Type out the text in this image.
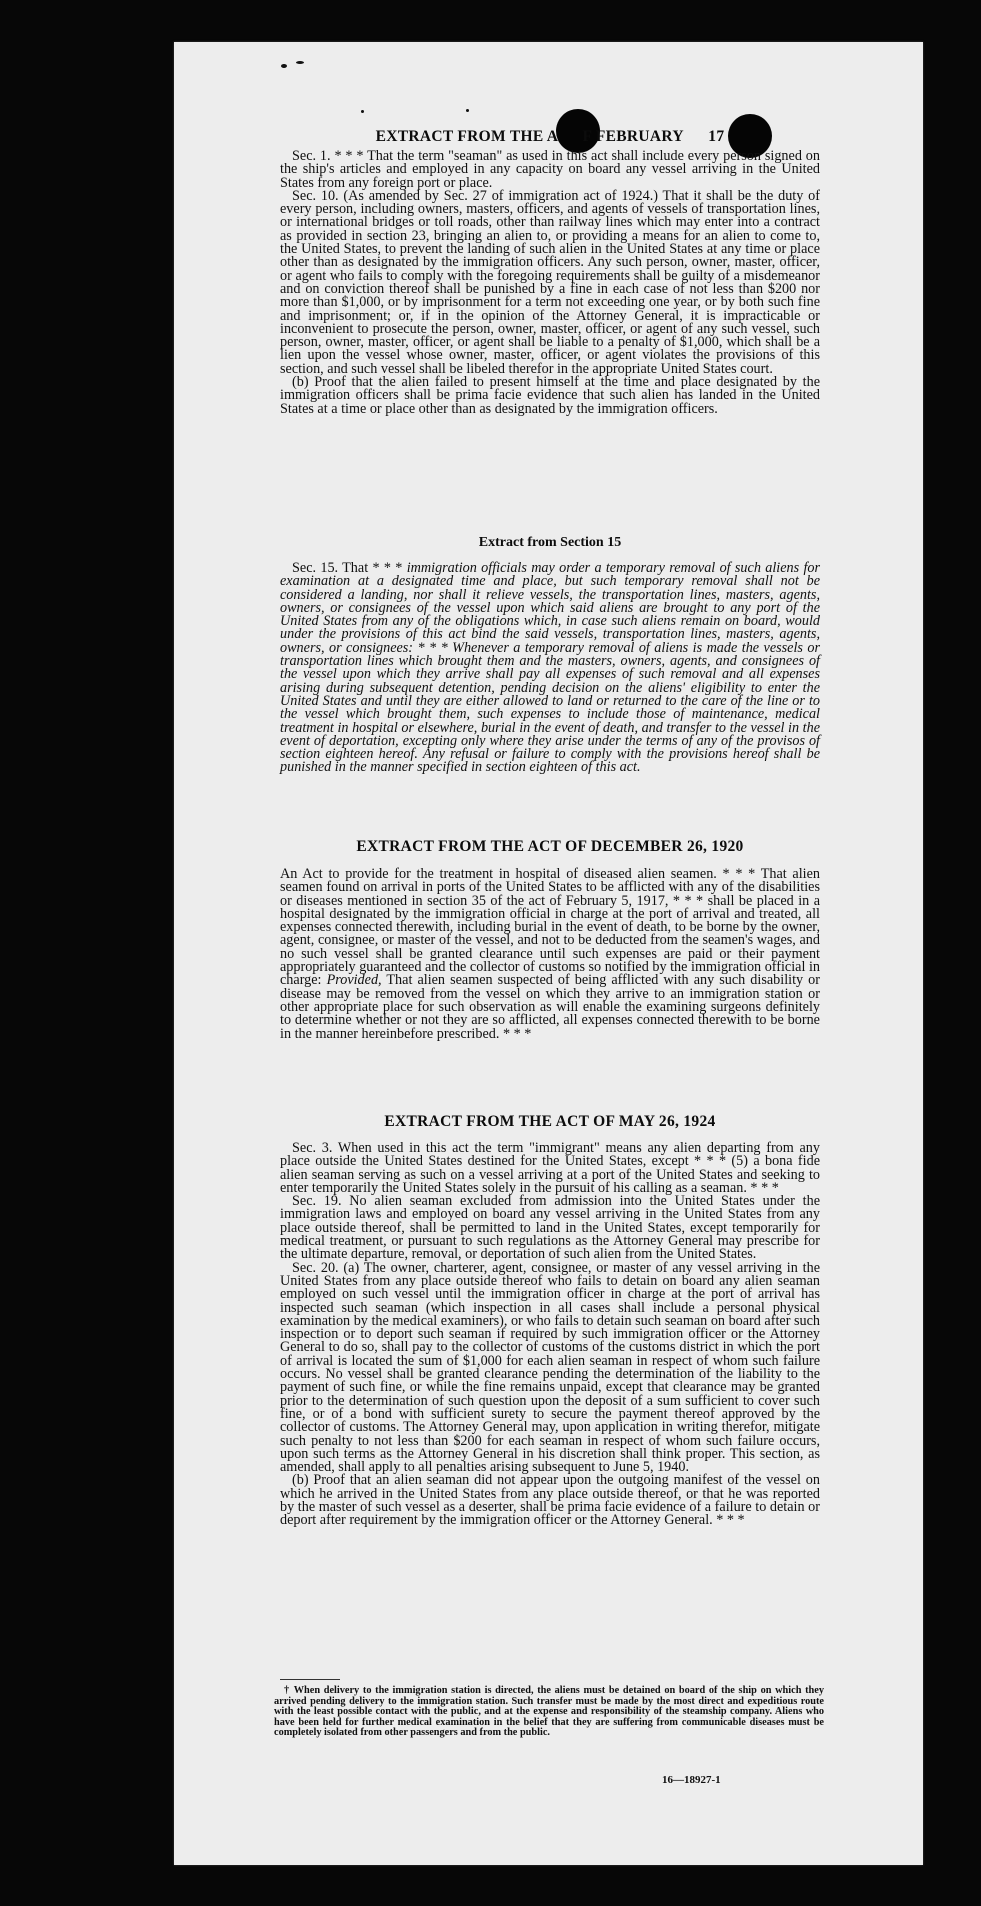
EXTRACT FROM THE A      F FEBRUARY      17

Sec. 1. * * * That the term "seaman" as used in this act shall include every person signed on the ship's articles and employed in any capacity on board any vessel arriving in the United States from any foreign port or place.

Sec. 10. (As amended by Sec. 27 of immigration act of 1924.) That it shall be the duty of every person, including owners, masters, officers, and agents of vessels of transportation lines, or international bridges or toll roads, other than railway lines which may enter into a contract as provided in section 23, bringing an alien to, or providing a means for an alien to come to, the United States, to prevent the landing of such alien in the United States at any time or place other than as designated by the immigration officers. Any such person, owner, master, officer, or agent who fails to comply with the foregoing requirements shall be guilty of a misdemeanor and on conviction thereof shall be punished by a fine in each case of not less than $200 nor more than $1,000, or by imprisonment for a term not exceeding one year, or by both such fine and imprisonment; or, if in the opinion of the Attorney General, it is impracticable or inconvenient to prosecute the person, owner, master, officer, or agent of any such vessel, such person, owner, master, officer, or agent shall be liable to a penalty of $1,000, which shall be a lien upon the vessel whose owner, master, officer, or agent violates the provisions of this section, and such vessel shall be libeled therefor in the appropriate United States court.

(b) Proof that the alien failed to present himself at the time and place designated by the immigration officers shall be prima facie evidence that such alien has landed in the United States at a time or place other than as designated by the immigration officers.

Extract from Section 15

Sec. 15. That * * * immigration officials may order a temporary removal of such aliens for examination at a designated time and place, but such temporary removal shall not be considered a landing, nor shall it relieve vessels, the transportation lines, masters, agents, owners, or consignees of the vessel upon which said aliens are brought to any port of the United States from any of the obligations which, in case such aliens remain on board, would under the provisions of this act bind the said vessels, transportation lines, masters, agents, owners, or consignees: * * * Whenever a temporary removal of aliens is made the vessels or transportation lines which brought them and the masters, owners, agents, and consignees of the vessel upon which they arrive shall pay all expenses of such removal and all expenses arising during subsequent detention, pending decision on the aliens' eligibility to enter the United States and until they are either allowed to land or returned to the care of the line or to the vessel which brought them, such expenses to include those of maintenance, medical treatment in hospital or elsewhere, burial in the event of death, and transfer to the vessel in the event of deportation, excepting only where they arise under the terms of any of the provisos of section eighteen hereof. Any refusal or failure to comply with the provisions hereof shall be punished in the manner specified in section eighteen of this act.

EXTRACT FROM THE ACT OF DECEMBER 26, 1920

An Act to provide for the treatment in hospital of diseased alien seamen. * * * That alien seamen found on arrival in ports of the United States to be afflicted with any of the disabilities or diseases mentioned in section 35 of the act of February 5, 1917, * * * shall be placed in a hospital designated by the immigration official in charge at the port of arrival and treated, all expenses connected therewith, including burial in the event of death, to be borne by the owner, agent, consignee, or master of the vessel, and not to be deducted from the seamen's wages, and no such vessel shall be granted clearance until such expenses are paid or their payment appropriately guaranteed and the collector of customs so notified by the immigration official in charge: Provided, That alien seamen suspected of being afflicted with any such disability or disease may be removed from the vessel on which they arrive to an immigration station or other appropriate place for such observation as will enable the examining surgeons definitely to determine whether or not they are so afflicted, all expenses connected therewith to be borne in the manner hereinbefore prescribed. * * *

EXTRACT FROM THE ACT OF MAY 26, 1924

Sec. 3. When used in this act the term "immigrant" means any alien departing from any place outside the United States destined for the United States, except * * * (5) a bona fide alien seaman serving as such on a vessel arriving at a port of the United States and seeking to enter temporarily the United States solely in the pursuit of his calling as a seaman. * * *

Sec. 19. No alien seaman excluded from admission into the United States under the immigration laws and employed on board any vessel arriving in the United States from any place outside thereof, shall be permitted to land in the United States, except temporarily for medical treatment, or pursuant to such regulations as the Attorney General may prescribe for the ultimate departure, removal, or deportation of such alien from the United States.

Sec. 20. (a) The owner, charterer, agent, consignee, or master of any vessel arriving in the United States from any place outside thereof who fails to detain on board any alien seaman employed on such vessel until the immigration officer in charge at the port of arrival has inspected such seaman (which inspection in all cases shall include a personal physical examination by the medical examiners), or who fails to detain such seaman on board after such inspection or to deport such seaman if required by such immigration officer or the Attorney General to do so, shall pay to the collector of customs of the customs district in which the port of arrival is located the sum of $1,000 for each alien seaman in respect of whom such failure occurs. No vessel shall be granted clearance pending the determination of the liability to the payment of such fine, or while the fine remains unpaid, except that clearance may be granted prior to the determination of such question upon the deposit of a sum sufficient to cover such fine, or of a bond with sufficient surety to secure the payment thereof approved by the collector of customs. The Attorney General may, upon application in writing therefor, mitigate such penalty to not less than $200 for each seaman in respect of whom such failure occurs, upon such terms as the Attorney General in his discretion shall think proper. This section, as amended, shall apply to all penalties arising subsequent to June 5, 1940.

(b) Proof that an alien seaman did not appear upon the outgoing manifest of the vessel on which he arrived in the United States from any place outside thereof, or that he was reported by the master of such vessel as a deserter, shall be prima facie evidence of a failure to detain or deport after requirement by the immigration officer or the Attorney General. * * *

† When delivery to the immigration station is directed, the aliens must be detained on board of the ship on which they arrived pending delivery to the immigration station. Such transfer must be made by the most direct and expeditious route with the least possible contact with the public, and at the expense and responsibility of the steamship company. Aliens who have been held for further medical examination in the belief that they are suffering from communicable diseases must be completely isolated from other passengers and from the public.
16—18927-1
